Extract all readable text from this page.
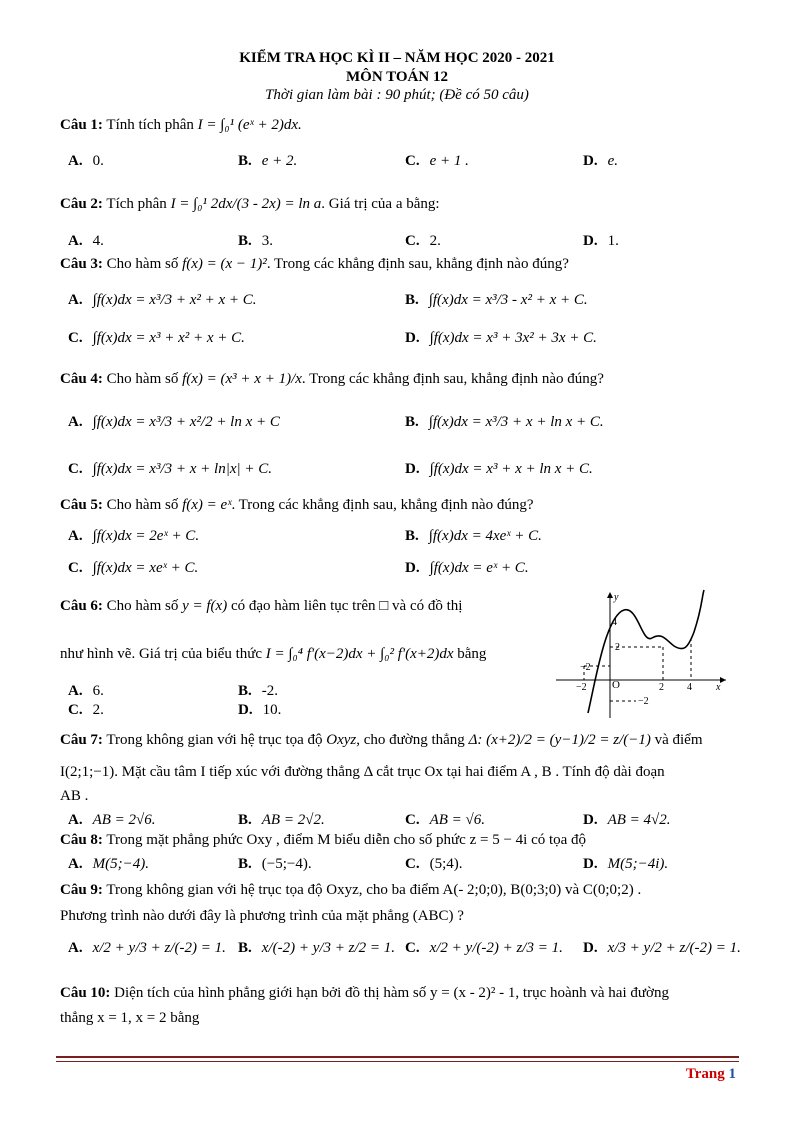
KIỂM TRA HỌC KÌ II – NĂM HỌC 2020 - 2021
MÔN TOÁN 12
Thời gian làm bài : 90 phút; (Đề có 50 câu)
Câu 1: Tính tích phân I = ∫₀¹ (eˣ + 2)dx.
A. 0.	B. e + 2.	C. e + 1 .	D. e.
Câu 2: Tích phân I = ∫₀¹ 2dx/(3 - 2x) = ln a. Giá trị của a bằng:
A. 4.	B. 3.	C. 2.	D. 1.
Câu 3: Cho hàm số f(x) = (x − 1)². Trong các khẳng định sau, khẳng định nào đúng?
A. ∫f(x)dx = x³/3 + x² + x + C.	B. ∫f(x)dx = x³/3 - x² + x + C.
C. ∫f(x)dx = x³ + x² + x + C.	D. ∫f(x)dx = x³ + 3x² + 3x + C.
Câu 4: Cho hàm số f(x) = (x³ + x + 1)/x. Trong các khẳng định sau, khẳng định nào đúng?
A. ∫f(x)dx = x³/3 + x²/2 + ln x + C	B. ∫f(x)dx = x³/3 + x + ln x + C.
C. ∫f(x)dx = x³/3 + x + ln|x| + C.	D. ∫f(x)dx = x³ + x + ln x + C.
Câu 5: Cho hàm số f(x) = eˣ. Trong các khẳng định sau, khẳng định nào đúng?
A. ∫f(x)dx = 2eˣ + C.	B. ∫f(x)dx = 4xeˣ + C.
C. ∫f(x)dx = xeˣ + C.	D. ∫f(x)dx = eˣ + C.
Câu 6: Cho hàm số y = f(x) có đạo hàm liên tục trên □ và có đồ thị
như hình vẽ. Giá trị của biểu thức I = ∫₀⁴ f'(x−2)dx + ∫₀² f'(x+2)dx bằng
A. 6.	B. -2.
C. 2.	D. 10.
y
x
4
2
O
−2
−2	2 4
−2
Câu 7: Trong không gian với hệ trục tọa độ Oxyz, cho đường thẳng Δ: (x+2)/2 = (y−1)/2 = z/(−1) và điểm
I(2;1;−1). Mặt cầu tâm I tiếp xúc với đường thẳng Δ cắt trục Ox tại hai điểm A , B . Tính độ dài đoạn
AB .
A. AB = 2√6.	B. AB = 2√2.	C. AB = √6.	D. AB = 4√2.
Câu 8: Trong mặt phẳng phức Oxy , điểm M biểu diễn cho số phức z = 5 − 4i có tọa độ
A. M(5;−4).	B. (−5;−4).	C. (5;4).	D. M(5;−4i).
Câu 9: Trong không gian với hệ trục tọa độ Oxyz, cho ba điểm A(- 2;0;0), B(0;3;0) và C(0;0;2) .
Phương trình nào dưới đây là phương trình của mặt phẳng (ABC) ?
A. x/2 + y/3 + z/(-2) = 1. B. x/(-2) + y/3 + z/2 = 1. C. x/2 + y/(-2) + z/3 = 1. D. x/3 + y/2 + z/(-2) = 1.
Câu 10: Diện tích của hình phẳng giới hạn bởi đồ thị hàm số y = (x - 2)² - 1, trục hoành và hai đường
thẳng x = 1, x = 2 bằng
Trang 1
